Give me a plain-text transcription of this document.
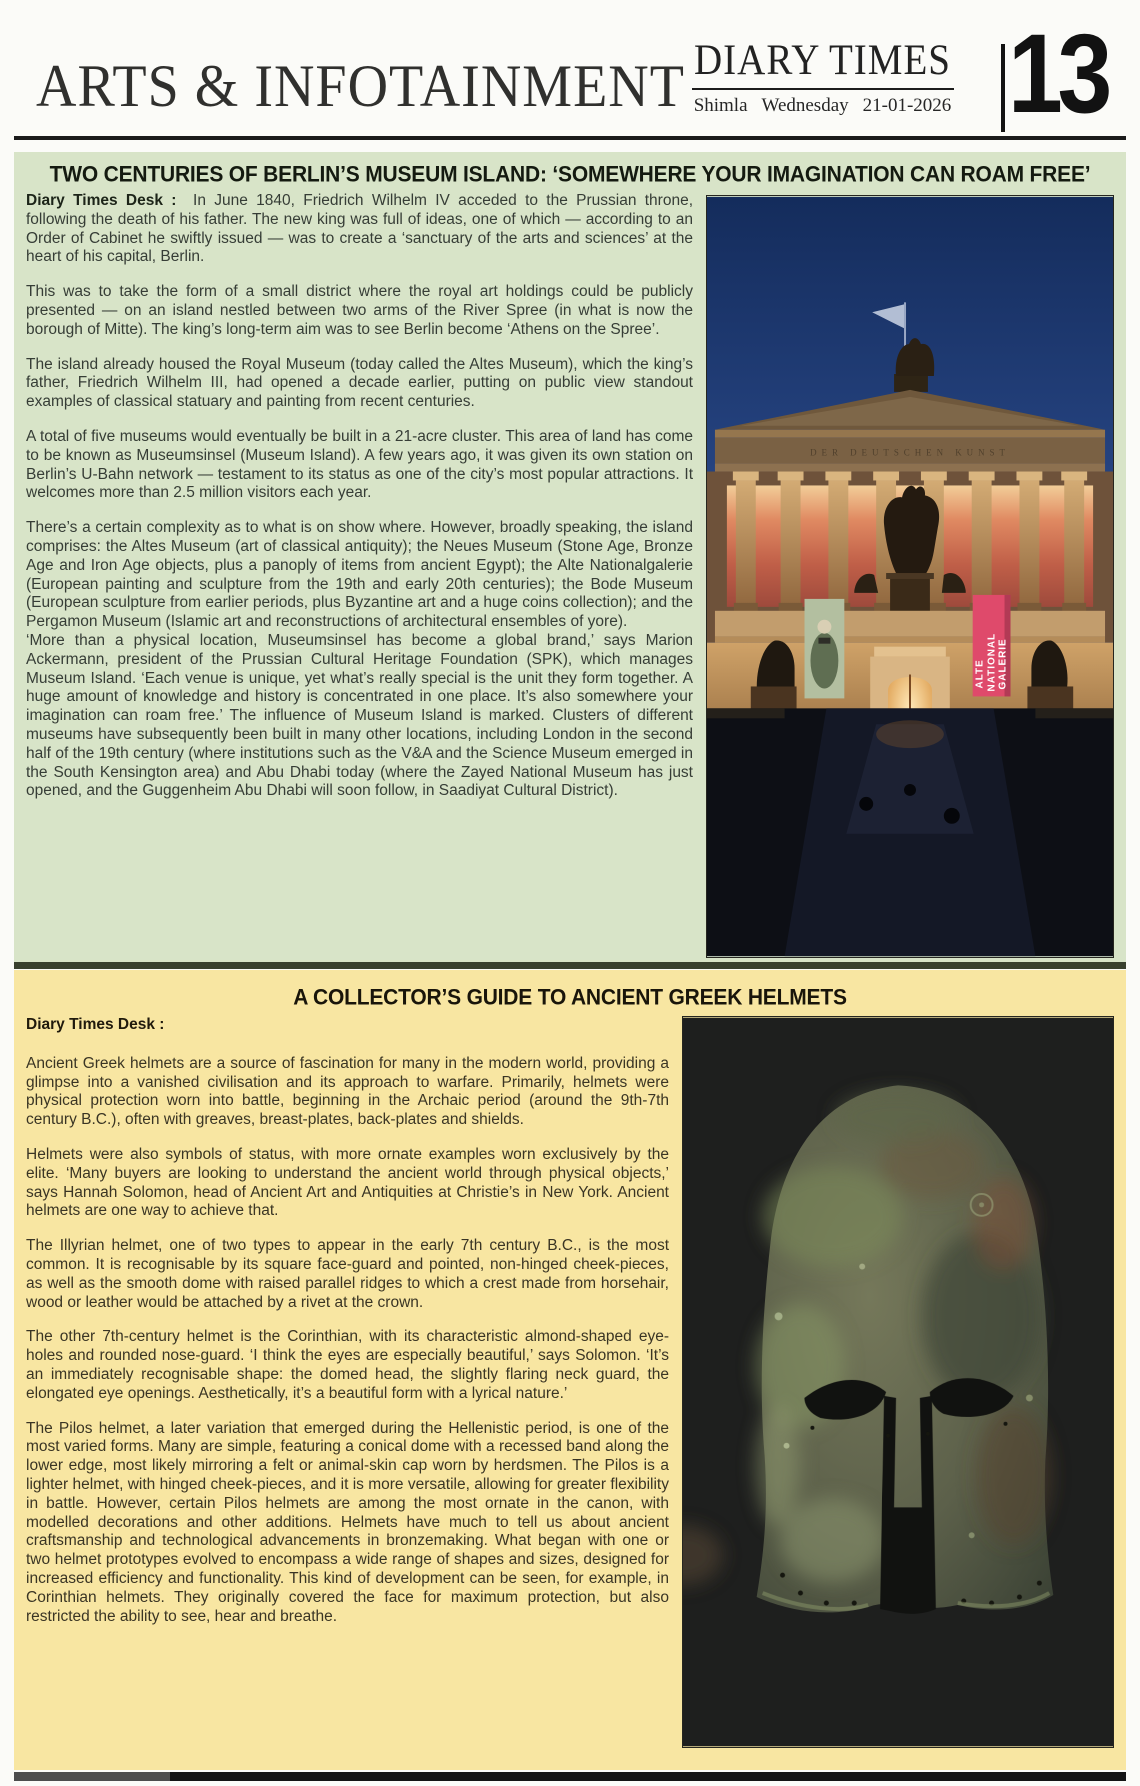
ARTS & INFOTAINMENT DIARY TIMES
Shimla Wednesday 21-01-2026 13
TWO CENTURIES OF BERLIN’S MUSEUM ISLAND: ‘SOMEWHERE YOUR IMAGINATION CAN ROAM FREE’

Diary Times Desk : In June 1840, Friedrich Wilhelm IV acceded to the Prussian throne, following the death of his father. The new king was full of ideas, one of which — according to an Order of Cabinet he swiftly issued — was to create a ‘sanctuary of the arts and sciences’ at the heart of his capital, Berlin.

This was to take the form of a small district where the royal art holdings could be publicly presented — on an island nestled between two arms of the River Spree (in what is now the borough of Mitte). The king’s long-term aim was to see Berlin become ‘Athens on the Spree’.

The island already housed the Royal Museum (today called the Altes Museum), which the king’s father, Friedrich Wilhelm III, had opened a decade earlier, putting on public view standout examples of classical statuary and painting from recent centuries.

A total of five museums would eventually be built in a 21-acre cluster. This area of land has come to be known as Museumsinsel (Museum Island). A few years ago, it was given its own station on Berlin’s U-Bahn network — testament to its status as one of the city’s most popular attractions. It welcomes more than 2.5 million visitors each year.

There’s a certain complexity as to what is on show where. However, broadly speaking, the island comprises: the Altes Museum (art of classical antiquity); the Neues Museum (Stone Age, Bronze Age and Iron Age objects, plus a panoply of items from ancient Egypt); the Alte Nationalgalerie (European painting and sculpture from the 19th and early 20th centuries); the Bode Museum (European sculpture from earlier periods, plus Byzantine art and a huge coins collection); and the Pergamon Museum (Islamic art and reconstructions of architectural ensembles of yore).

‘More than a physical location, Museumsinsel has become a global brand,’ says Marion Ackermann, president of the Prussian Cultural Heritage Foundation (SPK), which manages Museum Island. ‘Each venue is unique, yet what’s really special is the unit they form together. A huge amount of knowledge and history is concentrated in one place. It’s also somewhere your imagination can roam free.’ The influence of Museum Island is marked. Clusters of different museums have subsequently been built in many other locations, including London in the second half of the 19th century (where institutions such as the V&A and the Science Museum emerged in the South Kensington area) and Abu Dhabi today (where the Zayed National Museum has just opened, and the Guggenheim Abu Dhabi will soon follow, in Saadiyat Cultural District).

DER DEUTSCHEN KUNST
ALTE NATIONAL GALERIE
A COLLECTOR’S GUIDE TO ANCIENT GREEK HELMETS

Diary Times Desk :

Ancient Greek helmets are a source of fascination for many in the modern world, providing a glimpse into a vanished civilisation and its approach to warfare. Primarily, helmets were physical protection worn into battle, beginning in the Archaic period (around the 9th-7th century B.C.), often with greaves, breast-plates, back-plates and shields.

Helmets were also symbols of status, with more ornate examples worn exclusively by the elite. ‘Many buyers are looking to understand the ancient world through physical objects,’ says Hannah Solomon, head of Ancient Art and Antiquities at Christie’s in New York. Ancient helmets are one way to achieve that.

The Illyrian helmet, one of two types to appear in the early 7th century B.C., is the most common. It is recognisable by its square face-guard and pointed, non-hinged cheek-pieces, as well as the smooth dome with raised parallel ridges to which a crest made from horsehair, wood or leather would be attached by a rivet at the crown.

The other 7th-century helmet is the Corinthian, with its characteristic almond-shaped eye-holes and rounded nose-guard. ‘I think the eyes are especially beautiful,’ says Solomon. ‘It’s an immediately recognisable shape: the domed head, the slightly flaring neck guard, the elongated eye openings. Aesthetically, it’s a beautiful form with a lyrical nature.’

The Pilos helmet, a later variation that emerged during the Hellenistic period, is one of the most varied forms. Many are simple, featuring a conical dome with a recessed band along the lower edge, most likely mirroring a felt or animal-skin cap worn by herdsmen. The Pilos is a lighter helmet, with hinged cheek-pieces, and it is more versatile, allowing for greater flexibility in battle. However, certain Pilos helmets are among the most ornate in the canon, with modelled decorations and other additions. Helmets have much to tell us about ancient craftsmanship and technological advancements in bronzemaking. What began with one or two helmet prototypes evolved to encompass a wide range of shapes and sizes, designed for increased efficiency and functionality. This kind of development can be seen, for example, in Corinthian helmets. They originally covered the face for maximum protection, but also restricted the ability to see, hear and breathe.
